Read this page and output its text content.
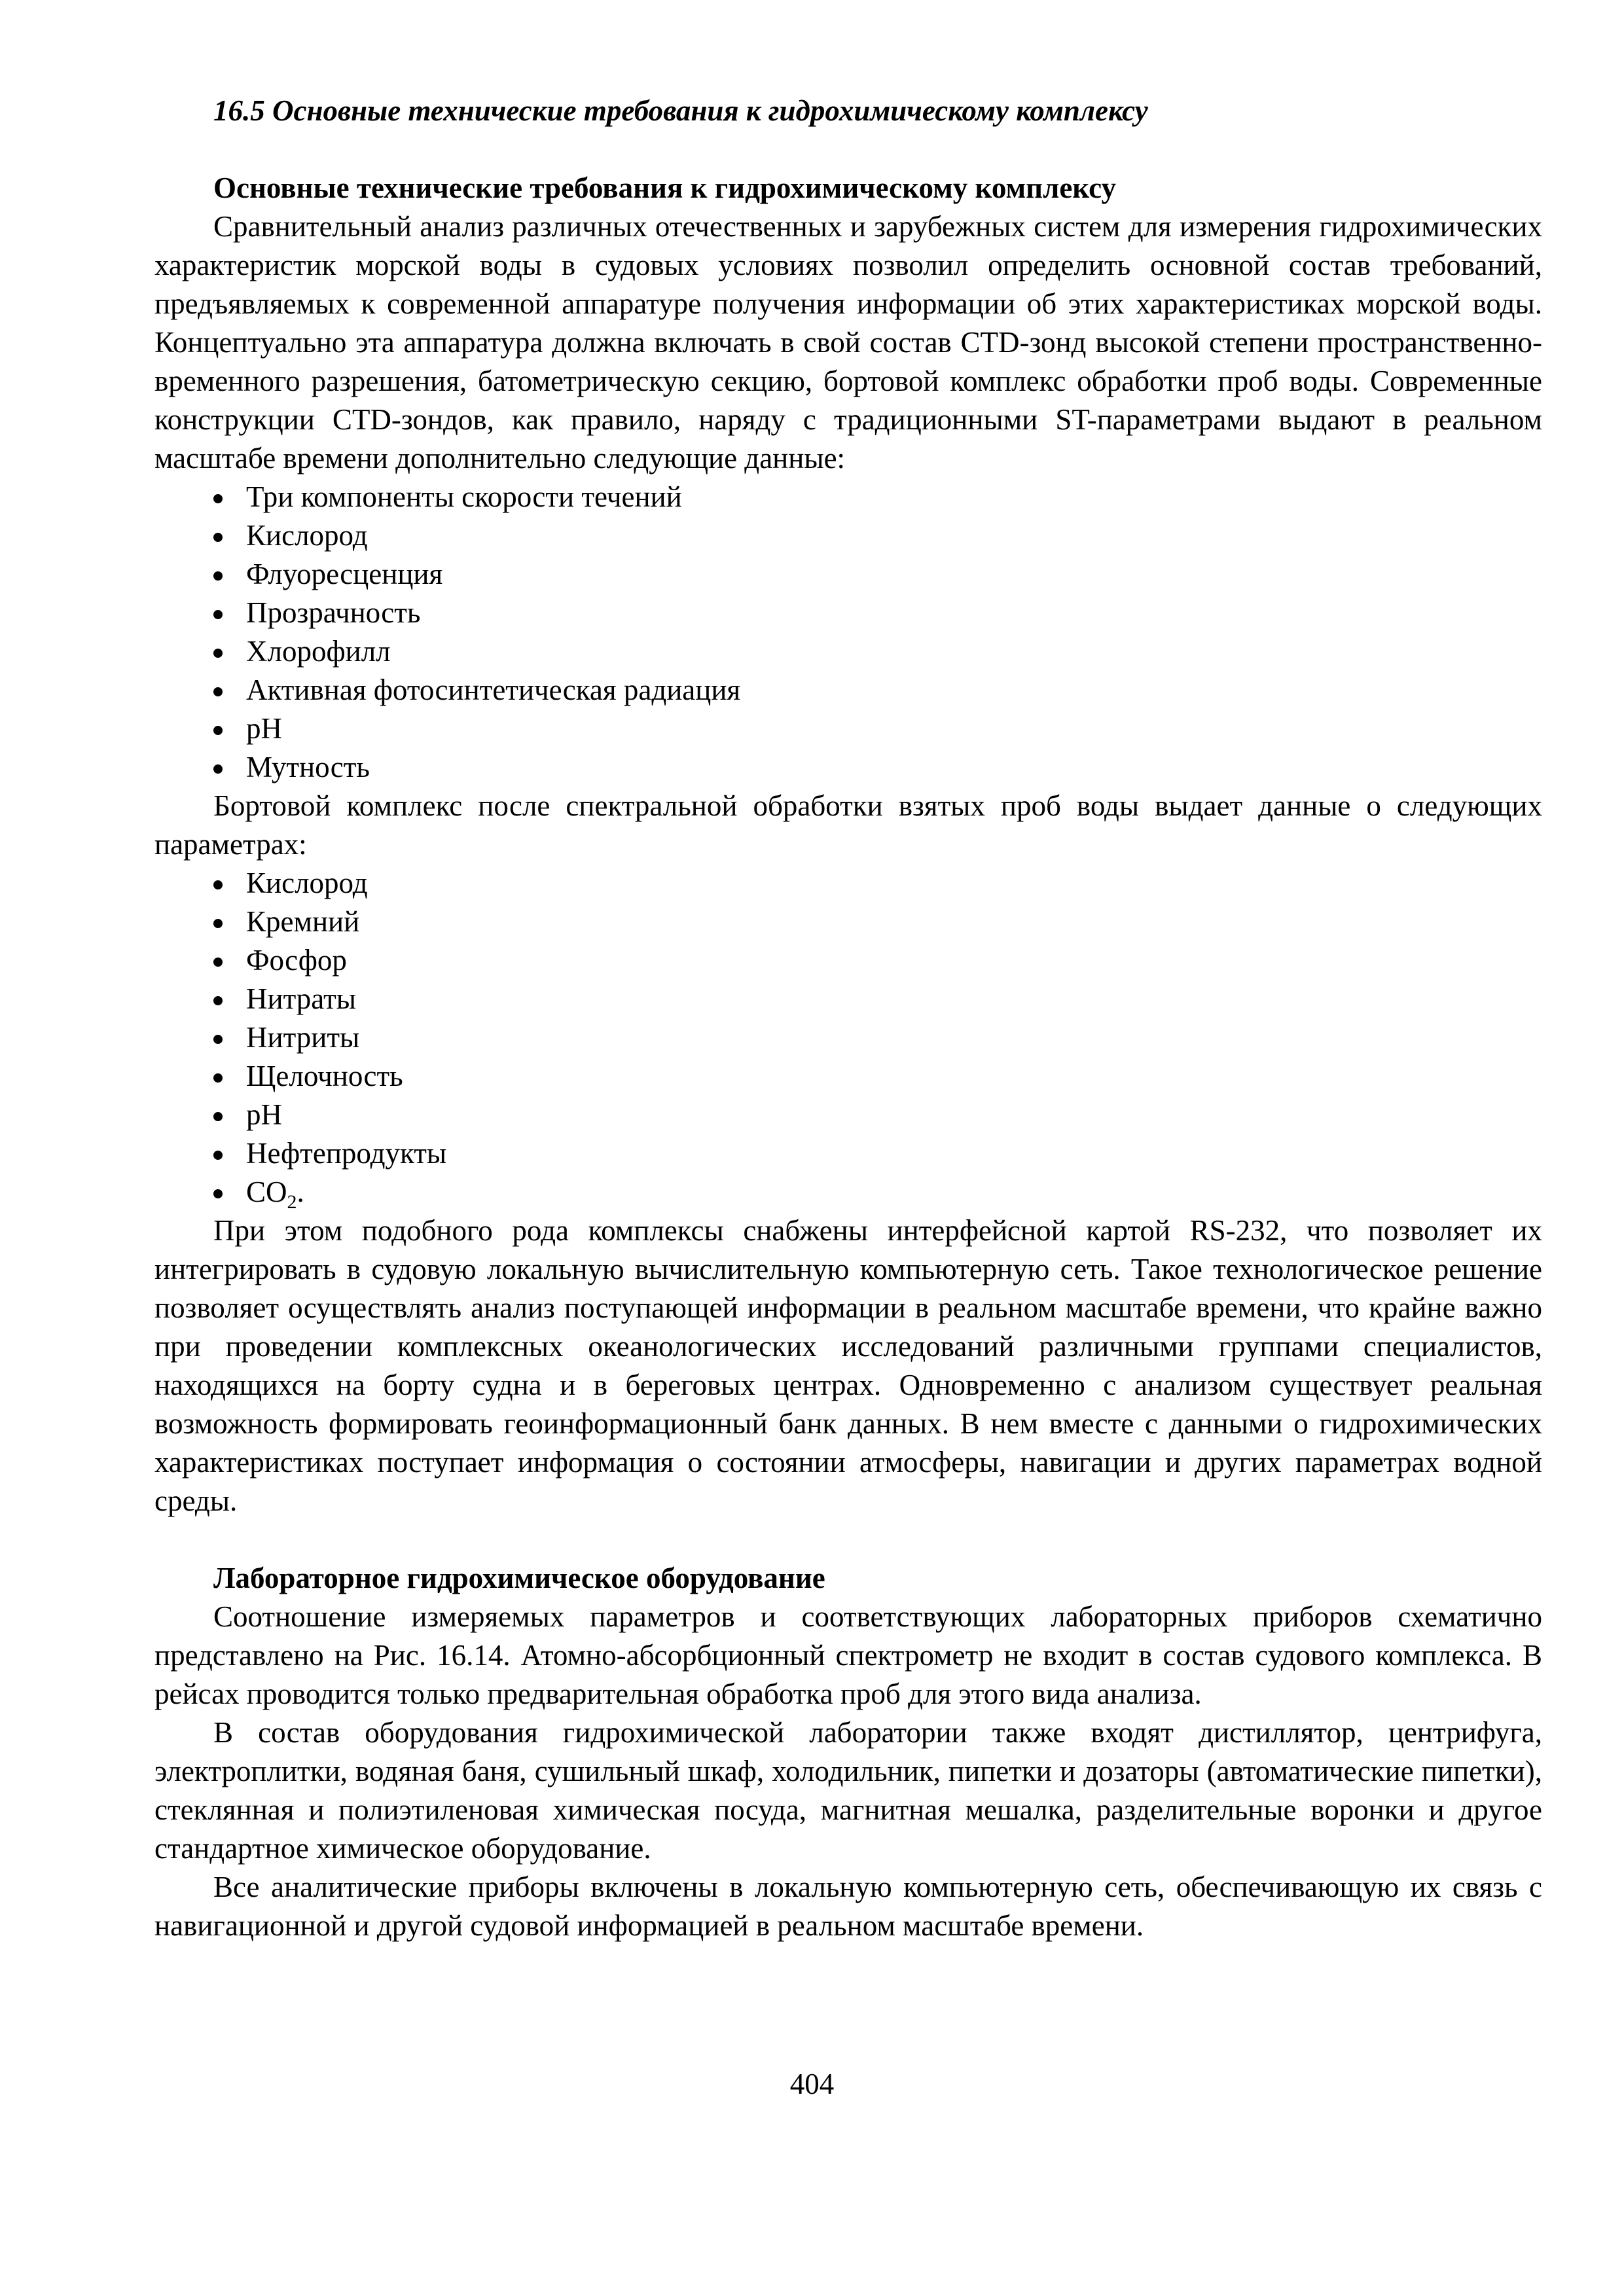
16.5 Основные технические требования к гидрохимическому комплексу
Основные технические требования к гидрохимическому комплексу

Сравнительный анализ различных отечественных и зарубежных систем для измерения гидрохимических характеристик морской воды в судовых условиях позволил определить основной состав требований, предъявляемых к современной аппаратуре получения информации об этих характеристиках морской воды. Концептуально эта аппаратура должна включать в свой состав CTD-зонд высокой степени пространственно-временного разрешения, батометрическую секцию, бортовой комплекс обработки проб воды. Современные конструкции CTD-зондов, как правило, наряду с традиционными ST-параметрами выдают в реальном масштабе времени дополнительно следующие данные:

Три компоненты скорости течений
Кислород
Флуоресценция
Прозрачность
Хлорофилл
Активная фотосинтетическая радиация
pH
Мутность

Бортовой комплекс после спектральной обработки взятых проб воды выдает данные о следующих параметрах:

Кислород
Кремний
Фосфор
Нитраты
Нитриты
Щелочность
pH
Нефтепродукты
$CO_2$.

При этом подобного рода комплексы снабжены интерфейсной картой RS-232, что позволяет их интегрировать в судовую локальную вычислительную компьютерную сеть. Такое технологическое решение позволяет осуществлять анализ поступающей информации в реальном масштабе времени, что крайне важно при проведении комплексных океанологических исследований различными группами специалистов, находящихся на борту судна и в береговых центрах. Одновременно с анализом существует реальная возможность формировать геоинформационный банк данных. В нем вместе с данными о гидрохимических характеристиках поступает информация о состоянии атмосферы, навигации и других параметрах водной среды.

Лабораторное гидрохимическое оборудование

Соотношение измеряемых параметров и соответствующих лабораторных приборов схематично представлено на Рис. 16.14. Атомно-абсорбционный спектрометр не входит в состав судового комплекса. В рейсах проводится только предварительная обработка проб для этого вида анализа.

В состав оборудования гидрохимической лаборатории также входят дистиллятор, центрифуга, электроплитки, водяная баня, сушильный шкаф, холодильник, пипетки и дозаторы (автоматические пипетки), стеклянная и полиэтиленовая химическая посуда, магнитная мешалка, разделительные воронки и другое стандартное химическое оборудование.

Все аналитические приборы включены в локальную компьютерную сеть, обеспечивающую их связь с навигационной и другой судовой информацией в реальном масштабе времени.

404
